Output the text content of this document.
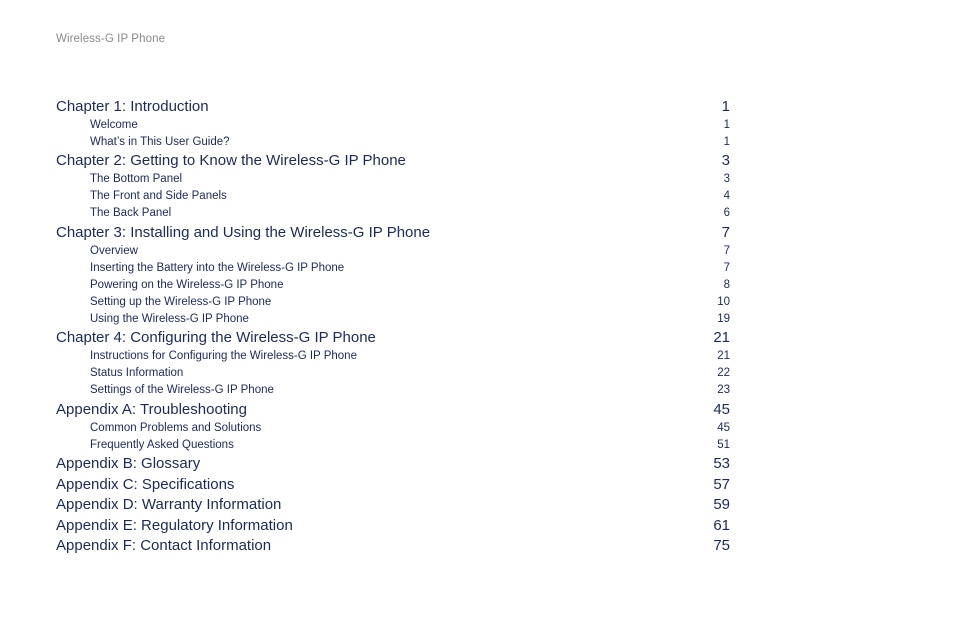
Wireless-G IP Phone
Chapter 1: Introduction	1
Welcome	1
What’s in This User Guide?	1
Chapter 2: Getting to Know the Wireless-G IP Phone	3
The Bottom Panel	3
The Front and Side Panels	4
The Back Panel	6
Chapter 3: Installing and Using the Wireless-G IP Phone	7
Overview	7
Inserting the Battery into the Wireless-G IP Phone	7
Powering on the Wireless-G IP Phone	8
Setting up the Wireless-G IP Phone	10
Using the Wireless-G IP Phone	19
Chapter 4: Configuring the Wireless-G IP Phone	21
Instructions for Configuring the Wireless-G IP Phone	21
Status Information	22
Settings of the Wireless-G IP Phone	23
Appendix A: Troubleshooting	45
Common Problems and Solutions	45
Frequently Asked Questions	51
Appendix B: Glossary	53
Appendix C: Specifications	57
Appendix D: Warranty Information	59
Appendix E: Regulatory Information	61
Appendix F: Contact Information	75
